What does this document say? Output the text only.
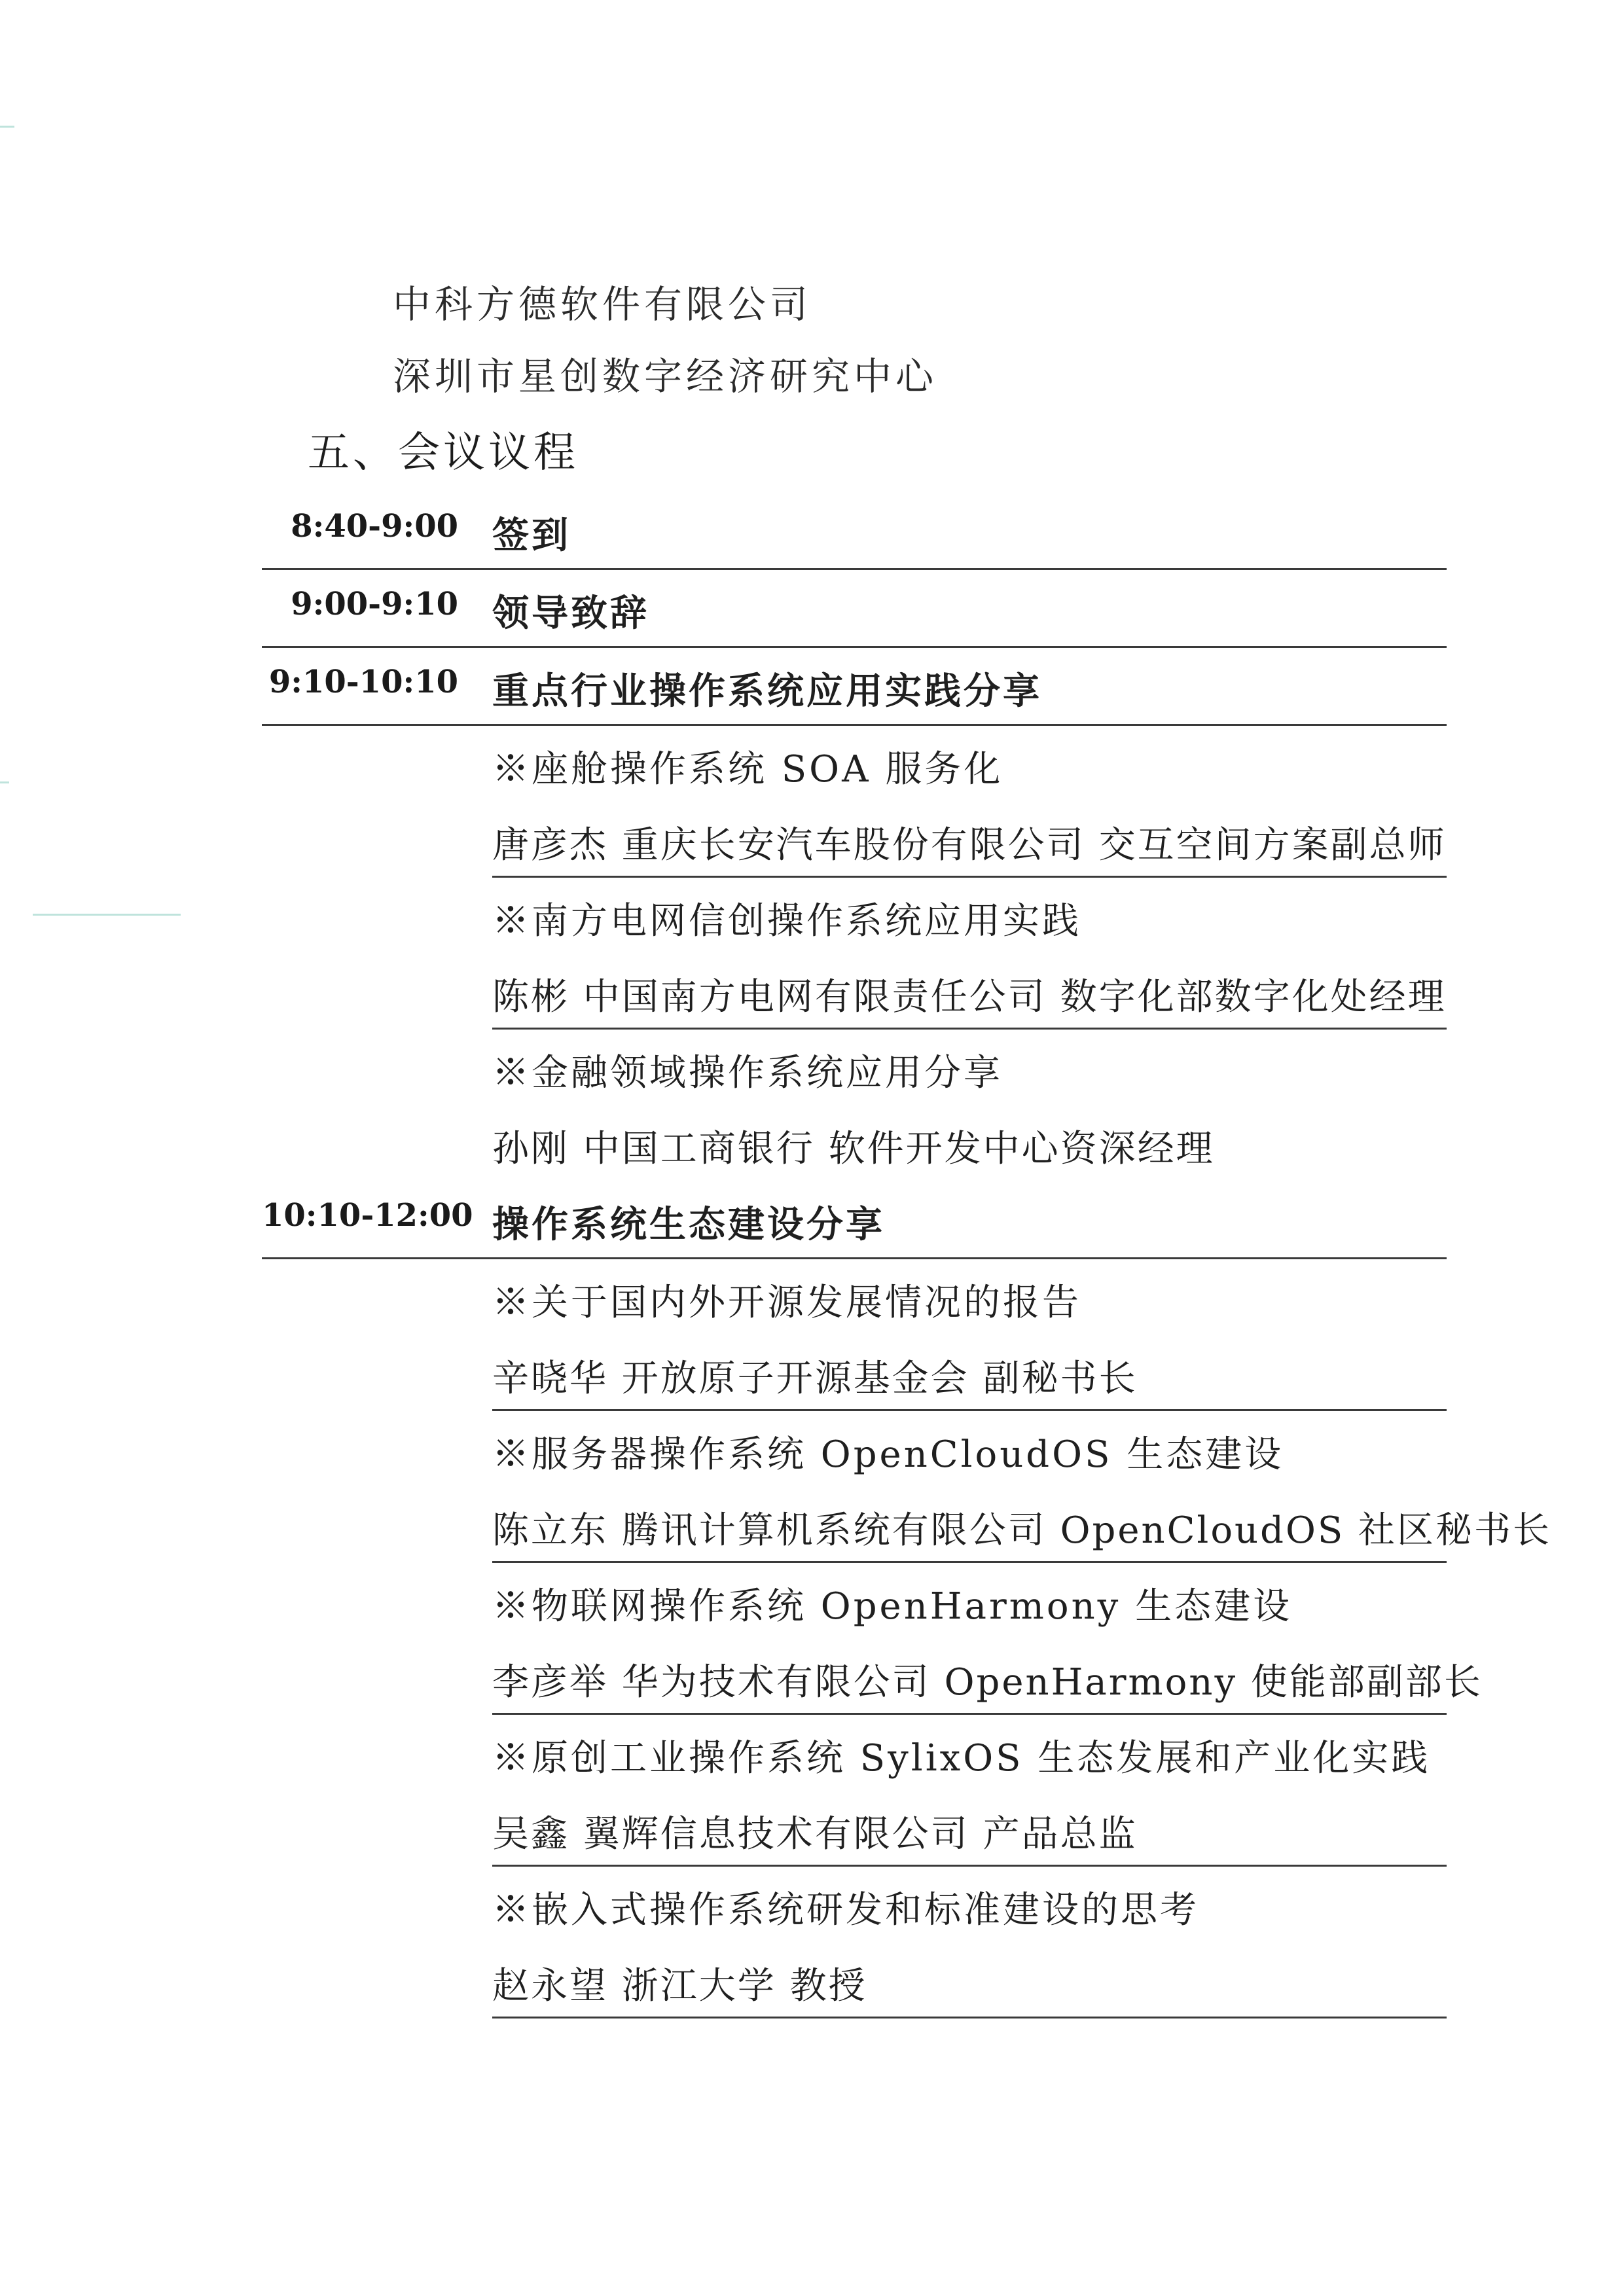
中科方德软件有限公司
深圳市星创数字经济研究中心
五、会议议程
8:40-9:00 签到
9:00-9:10 领导致辞
9:10-10:10 重点行业操作系统应用实践分享
※座舱操作系统 SOA 服务化
唐彦杰 重庆长安汽车股份有限公司 交互空间方案副总师
※南方电网信创操作系统应用实践
陈彬 中国南方电网有限责任公司 数字化部数字化处经理
※金融领域操作系统应用分享
孙刚 中国工商银行 软件开发中心资深经理
10:10-12:00 操作系统生态建设分享
※关于国内外开源发展情况的报告
辛晓华 开放原子开源基金会 副秘书长
※服务器操作系统 OpenCloudOS 生态建设
陈立东 腾讯计算机系统有限公司 OpenCloudOS 社区秘书长
※物联网操作系统 OpenHarmony 生态建设
李彦举 华为技术有限公司 OpenHarmony 使能部副部长
※原创工业操作系统 SylixOS 生态发展和产业化实践
吴鑫 翼辉信息技术有限公司 产品总监
※嵌入式操作系统研发和标准建设的思考
赵永望 浙江大学 教授
